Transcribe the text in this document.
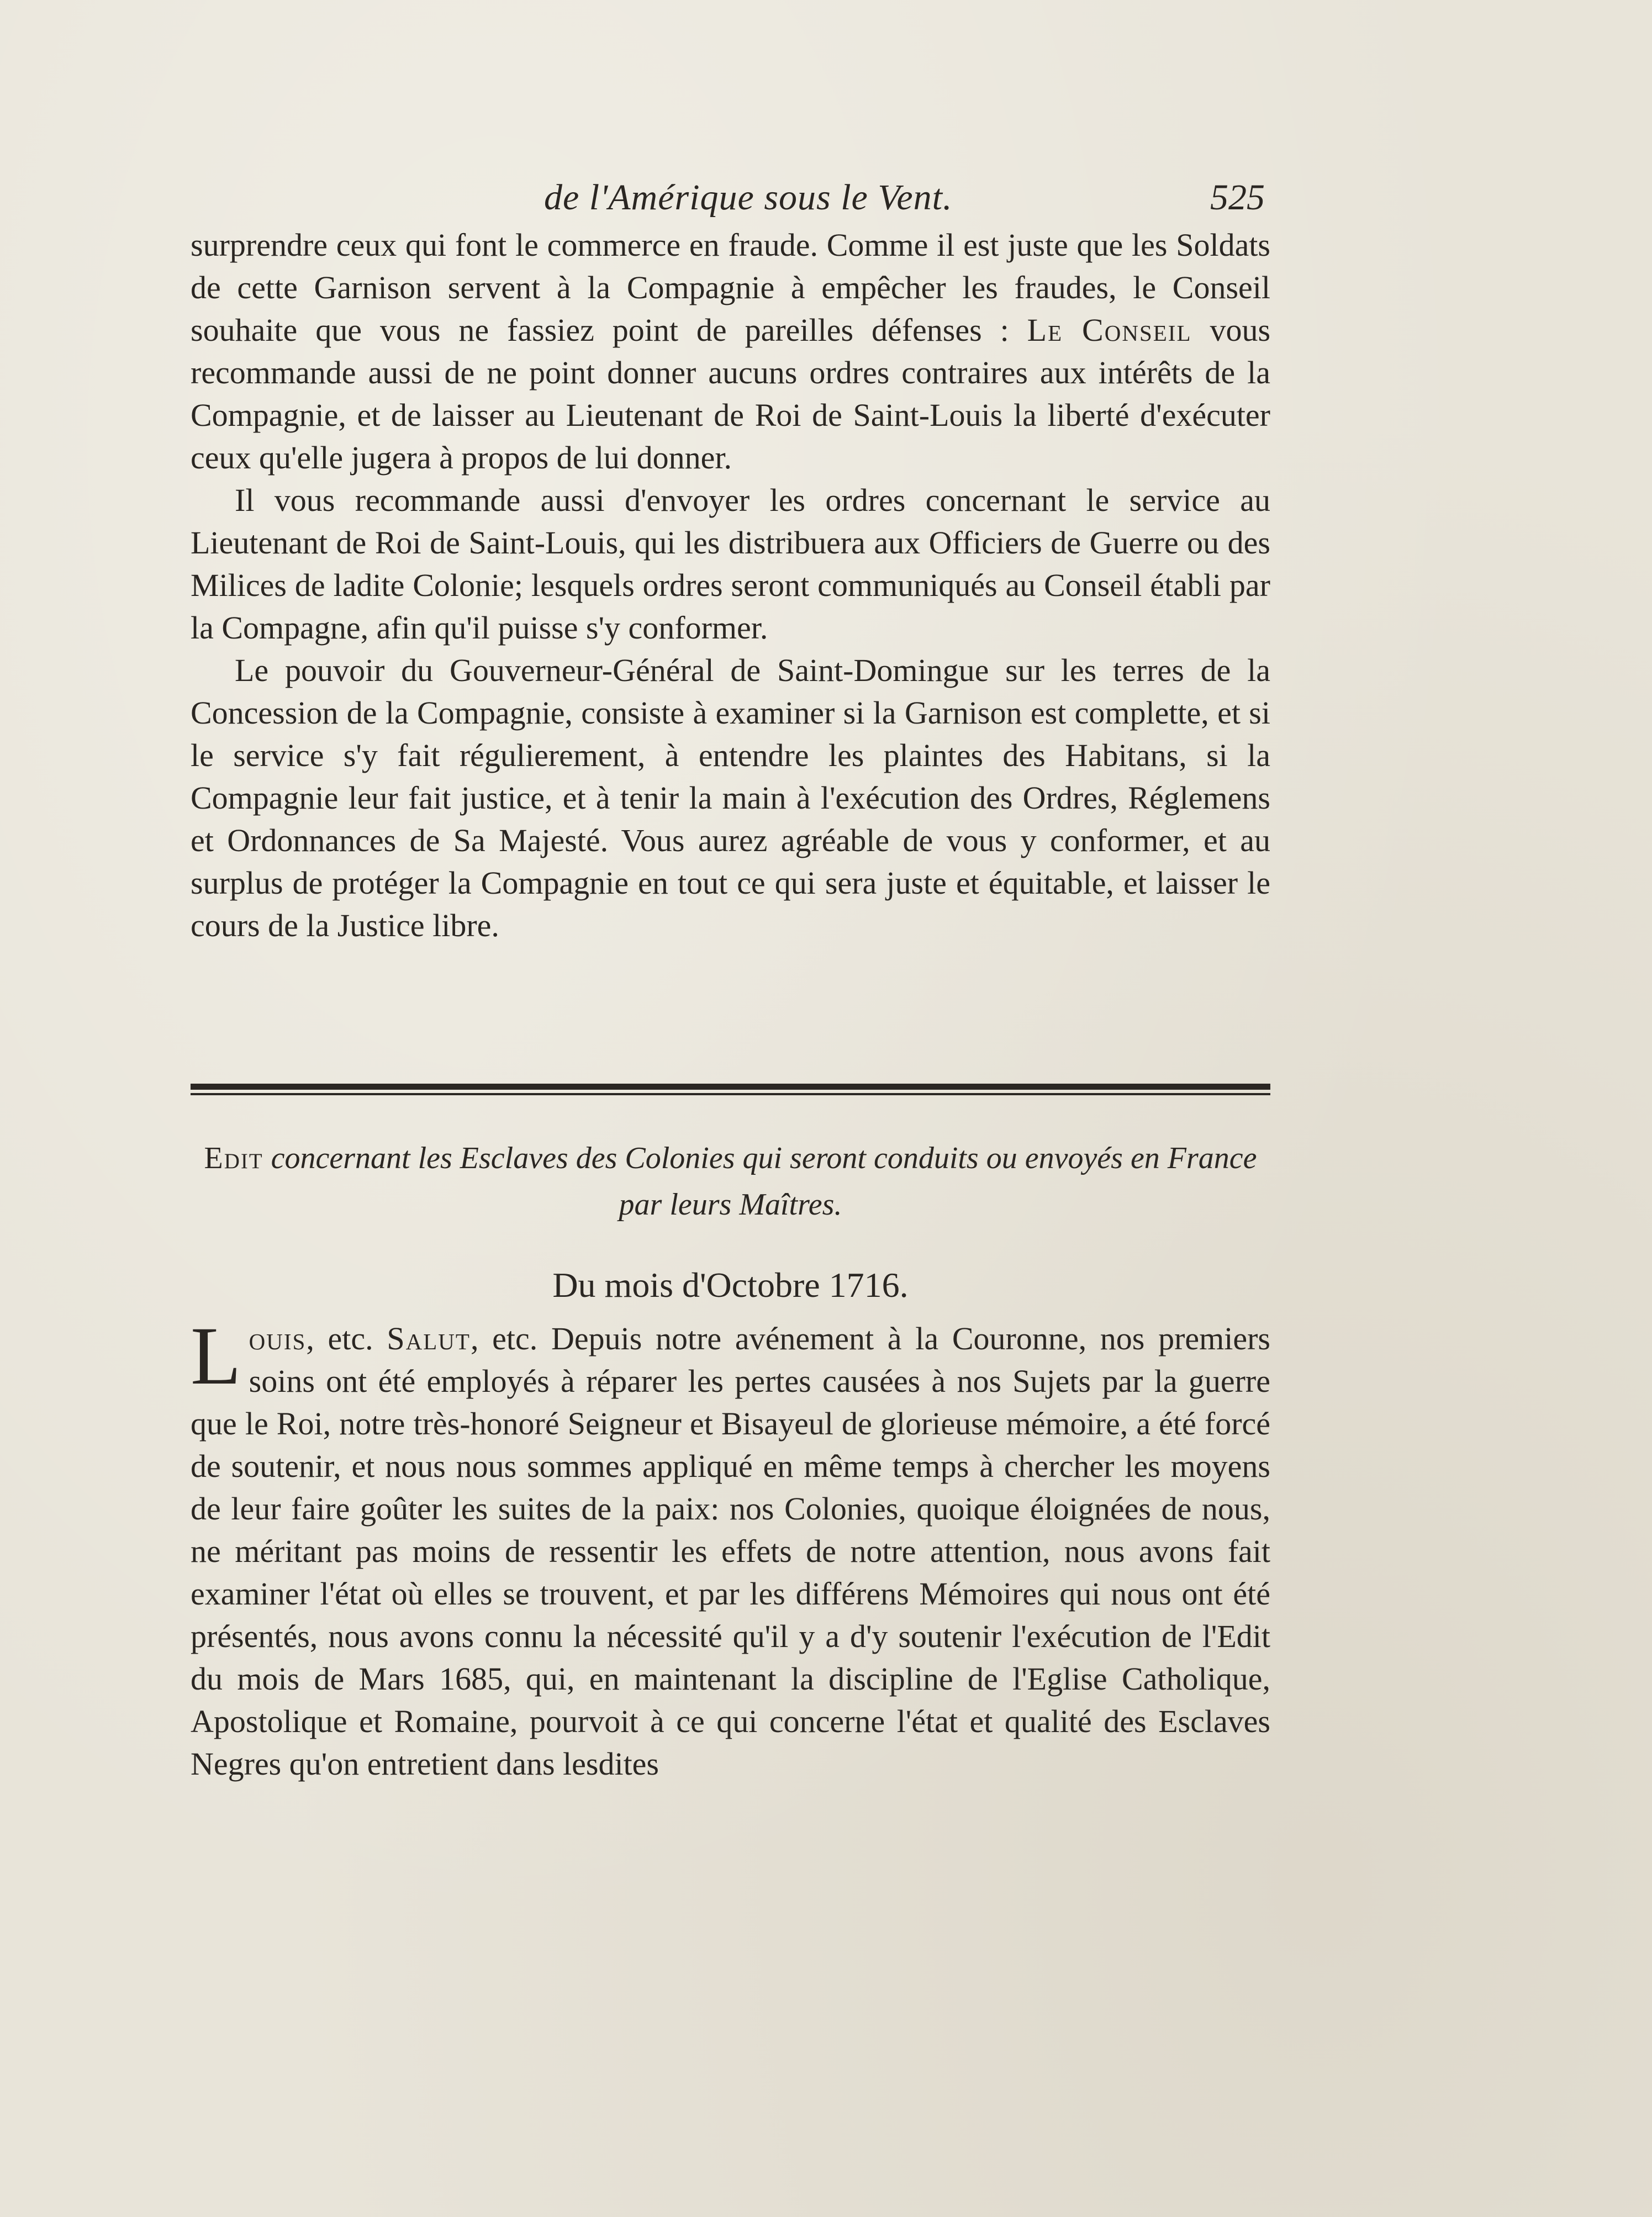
de l'Amérique sous le Vent.	525

surprendre ceux qui font le commerce en fraude. Comme il est juste que les Soldats de cette Garnison servent à la Compagnie à empêcher les fraudes, le Conseil souhaite que vous ne fassiez point de pareilles défenses : Le Conseil vous recommande aussi de ne point donner aucuns ordres contraires aux intérêts de la Compagnie, et de laisser au Lieutenant de Roi de Saint-Louis la liberté d'exécuter ceux qu'elle jugera à propos de lui donner.

Il vous recommande aussi d'envoyer les ordres concernant le service au Lieutenant de Roi de Saint-Louis, qui les distribuera aux Officiers de Guerre ou des Milices de ladite Colonie; lesquels ordres seront communiqués au Conseil établi par la Compagne, afin qu'il puisse s'y conformer.

Le pouvoir du Gouverneur-Général de Saint-Domingue sur les terres de la Concession de la Compagnie, consiste à examiner si la Garnison est complette, et si le service s'y fait régulierement, à entendre les plaintes des Habitans, si la Compagnie leur fait justice, et à tenir la main à l'exécution des Ordres, Réglemens et Ordonnances de Sa Majesté. Vous aurez agréable de vous y conformer, et au surplus de protéger la Compagnie en tout ce qui sera juste et équitable, et laisser le cours de la Justice libre.

Edit concernant les Esclaves des Colonies qui seront conduits ou envoyés en France par leurs Maîtres.
Du mois d'Octobre 1716.

Louis, etc. Salut, etc. Depuis notre avénement à la Couronne, nos premiers soins ont été employés à réparer les pertes causées à nos Sujets par la guerre que le Roi, notre très-honoré Seigneur et Bisayeul de glorieuse mémoire, a été forcé de soutenir, et nous nous sommes appliqué en même temps à chercher les moyens de leur faire goûter les suites de la paix: nos Colonies, quoique éloignées de nous, ne méritant pas moins de ressentir les effets de notre attention, nous avons fait examiner l'état où elles se trouvent, et par les différens Mémoires qui nous ont été présentés, nous avons connu la nécessité qu'il y a d'y soutenir l'exécution de l'Edit du mois de Mars 1685, qui, en maintenant la discipline de l'Eglise Catholique, Apostolique et Romaine, pourvoit à ce qui concerne l'état et qualité des Esclaves Negres qu'on entretient dans lesdites
